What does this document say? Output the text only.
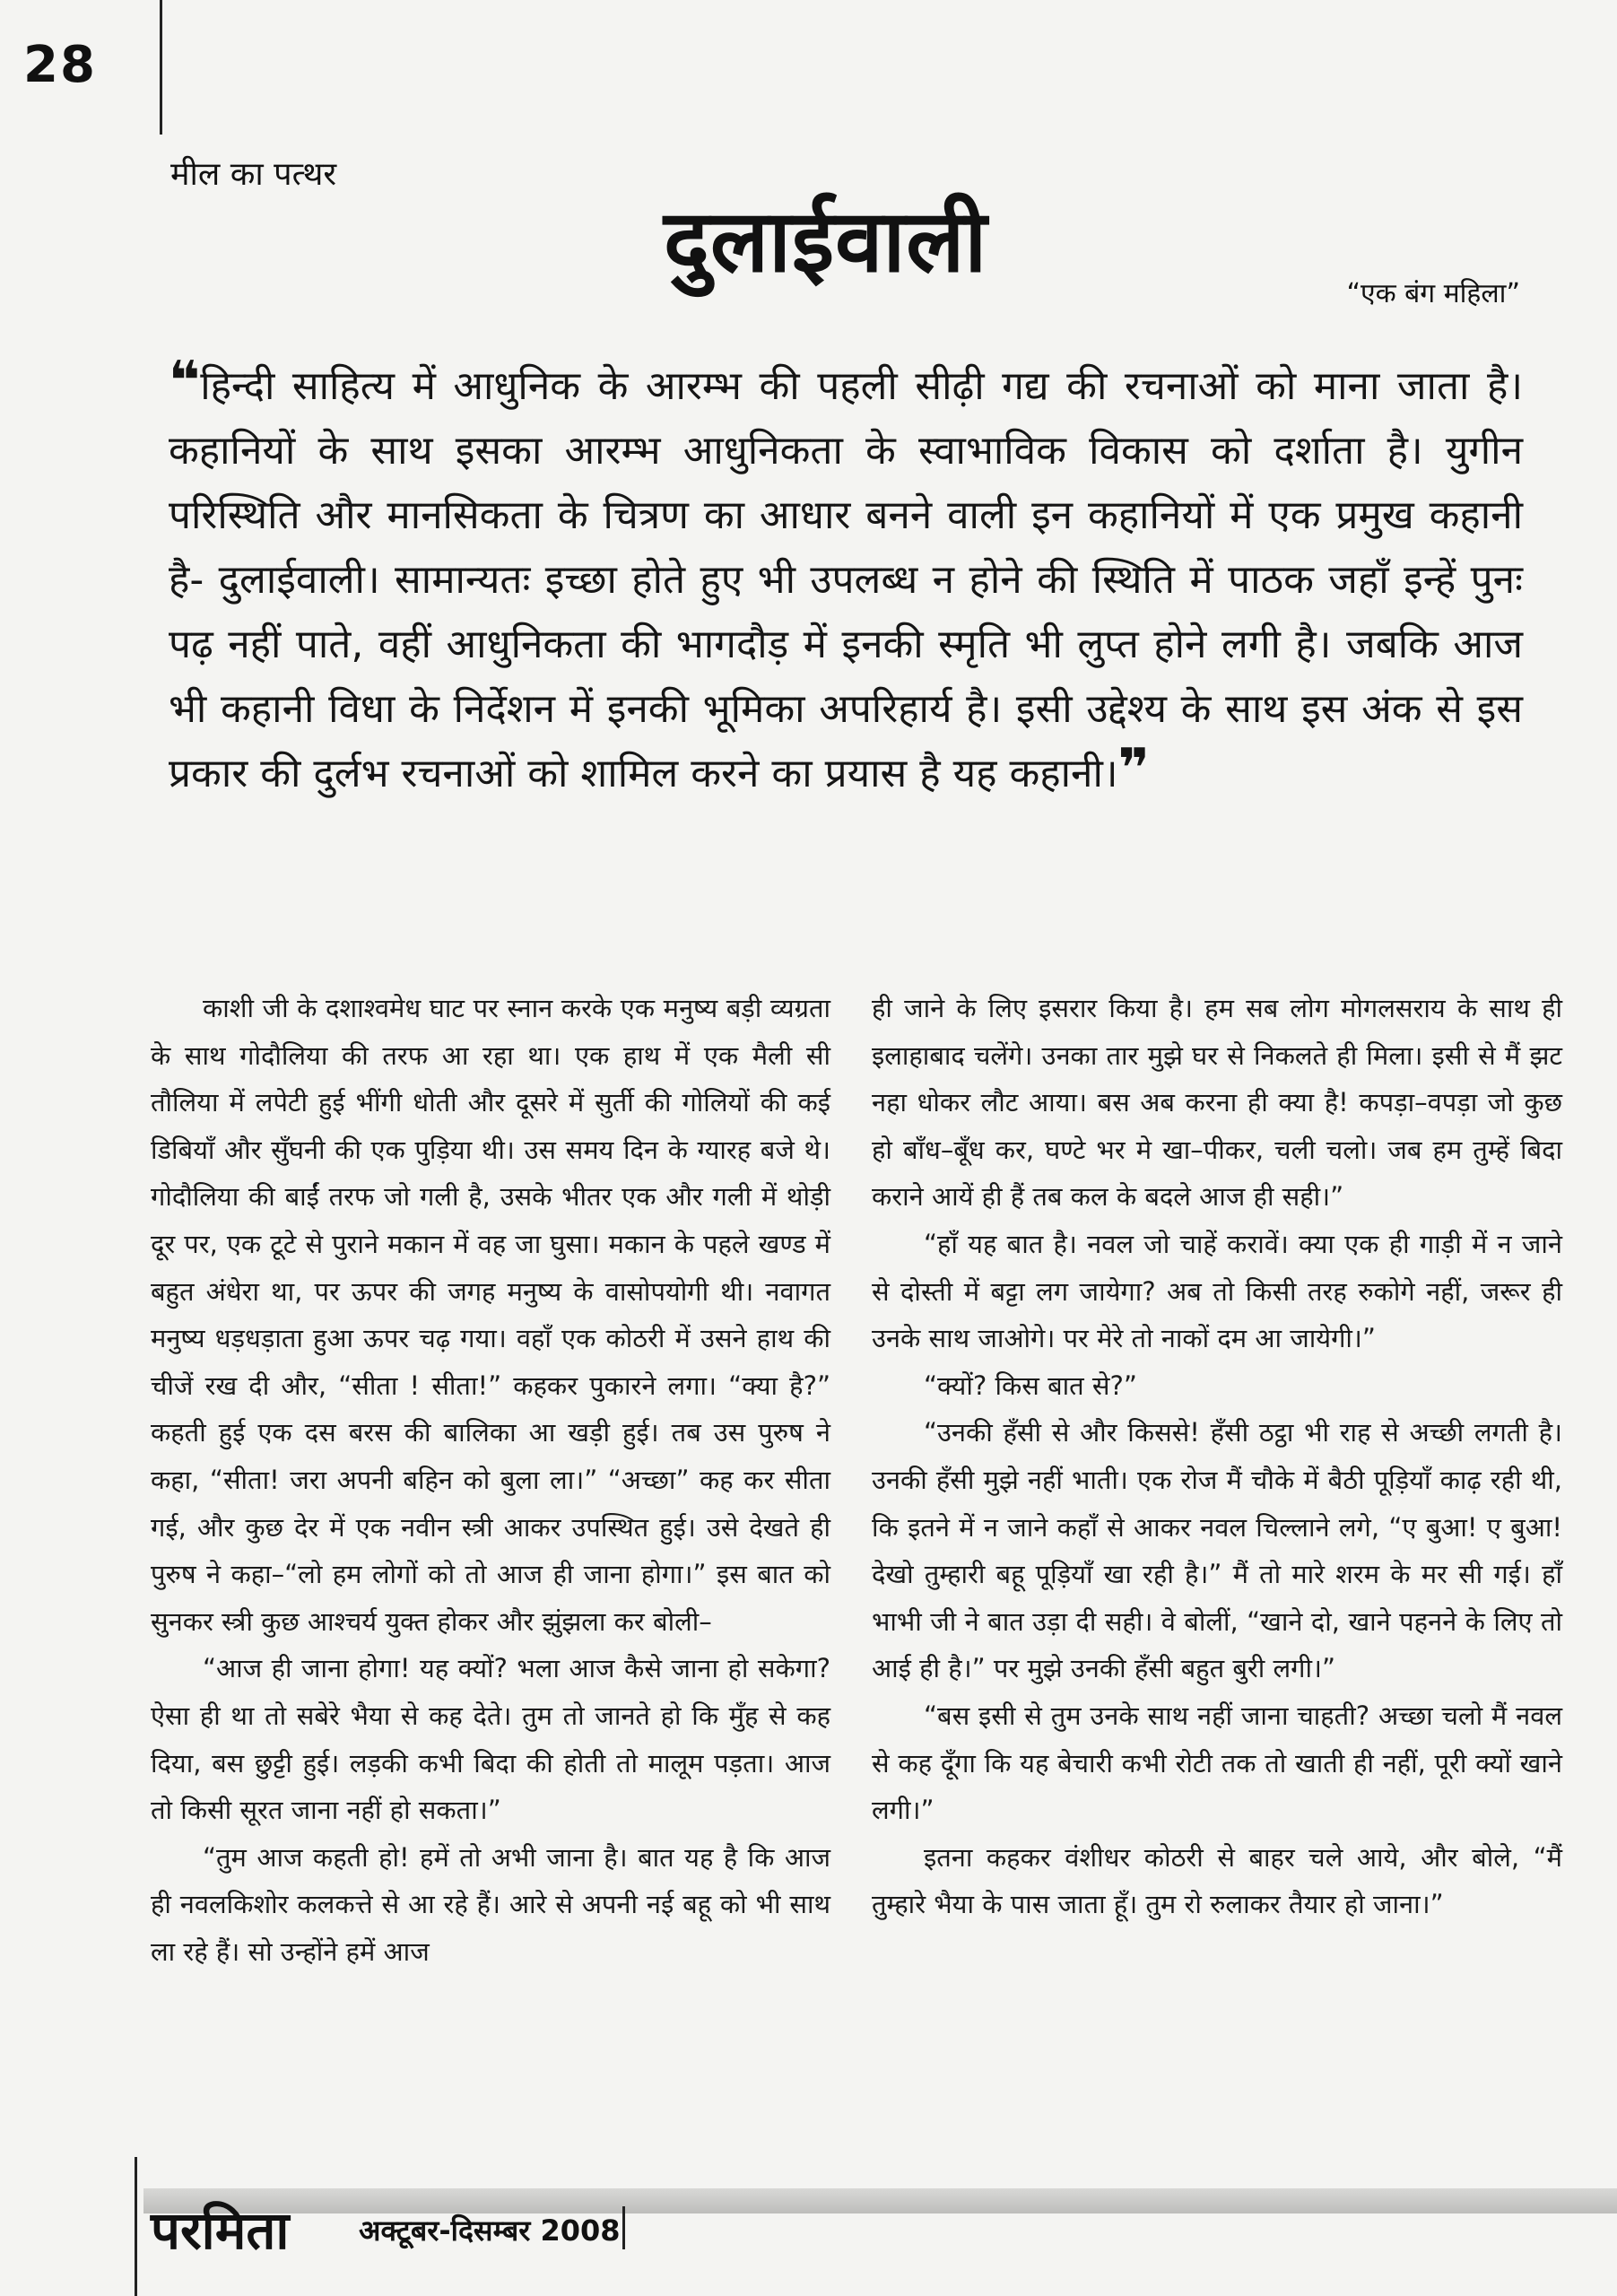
28
मील का पत्थर
दुलाईवाली
“एक बंग महिला”
❝हिन्दी साहित्य में आधुनिक के आरम्भ की पहली सीढ़ी गद्य की रचनाओं को माना जाता है। कहानियों के साथ इसका आरम्भ आधुनिकता के स्वाभाविक विकास को दर्शाता है। युगीन परिस्थिति और मानसिकता के चित्रण का आधार बनने वाली इन कहानियों में एक प्रमुख कहानी है- दुलाईवाली। सामान्यतः इच्छा होते हुए भी उपलब्ध न होने की स्थिति में पाठक जहाँ इन्हें पुनः पढ़ नहीं पाते, वहीं आधुनिकता की भागदौड़ में इनकी स्मृति भी लुप्त होने लगी है। जबकि आज भी कहानी विधा के निर्देशन में इनकी भूमिका अपरिहार्य है। इसी उद्देश्य के साथ इस अंक से इस प्रकार की दुर्लभ रचनाओं को शामिल करने का प्रयास है यह कहानी।❞

काशी जी के दशाश्वमेध घाट पर स्नान करके एक मनुष्य बड़ी व्यग्रता के साथ गोदौलिया की तरफ आ रहा था। एक हाथ में एक मैली सी तौलिया में लपेटी हुई भींगी धोती और दूसरे में सुर्ती की गोलियों की कई डिबियाँ और सुँघनी की एक पुड़िया थी। उस समय दिन के ग्यारह बजे थे। गोदौलिया की बाईं तरफ जो गली है, उसके भीतर एक और गली में थोड़ी दूर पर, एक टूटे से पुराने मकान में वह जा घुसा। मकान के पहले खण्ड में बहुत अंधेरा था, पर ऊपर की जगह मनुष्य के वासोपयोगी थी। नवागत मनुष्य धड़धड़ाता हुआ ऊपर चढ़ गया। वहाँ एक कोठरी में उसने हाथ की चीजें रख दी और, “सीता ! सीता!” कहकर पुकारने लगा। “क्या है?” कहती हुई एक दस बरस की बालिका आ खड़ी हुई। तब उस पुरुष ने कहा, “सीता! जरा अपनी बहिन को बुला ला।” “अच्छा” कह कर सीता गई, और कुछ देर में एक नवीन स्त्री आकर उपस्थित हुई। उसे देखते ही पुरुष ने कहा–“लो हम लोगों को तो आज ही जाना होगा।” इस बात को सुनकर स्त्री कुछ आश्चर्य युक्त होकर और झुंझला कर बोली–

“आज ही जाना होगा! यह क्यों? भला आज कैसे जाना हो सकेगा? ऐसा ही था तो सबेरे भैया से कह देते। तुम तो जानते हो कि मुँह से कह दिया, बस छुट्टी हुई। लड़की कभी बिदा की होती तो मालूम पड़ता। आज तो किसी सूरत जाना नहीं हो सकता।”

“तुम आज कहती हो! हमें तो अभी जाना है। बात यह है कि आज ही नवलकिशोर कलकत्ते से आ रहे हैं। आरे से अपनी नई बहू को भी साथ ला रहे हैं। सो उन्होंने हमें आज

ही जाने के लिए इसरार किया है। हम सब लोग मोगलसराय के साथ ही इलाहाबाद चलेंगे। उनका तार मुझे घर से निकलते ही मिला। इसी से मैं झट नहा धोकर लौट आया। बस अब करना ही क्या है! कपड़ा–वपड़ा जो कुछ हो बाँध–बूँध कर, घण्टे भर मे खा–पीकर, चली चलो। जब हम तुम्हें बिदा कराने आयें ही हैं तब कल के बदले आज ही सही।”

“हाँ यह बात है। नवल जो चाहें करावें। क्या एक ही गाड़ी में न जाने से दोस्ती में बट्टा लग जायेगा? अब तो किसी तरह रुकोगे नहीं, जरूर ही उनके साथ जाओगे। पर मेरे तो नाकों दम आ जायेगी।”

“क्यों? किस बात से?”

“उनकी हँसी से और किससे! हँसी ठट्ठा भी राह से अच्छी लगती है। उनकी हँसी मुझे नहीं भाती। एक रोज मैं चौके में बैठी पूड़ियाँ काढ़ रही थी, कि इतने में न जाने कहाँ से आकर नवल चिल्लाने लगे, “ए बुआ! ए बुआ! देखो तुम्हारी बहू पूड़ियाँ खा रही है।” मैं तो मारे शरम के मर सी गई। हाँ भाभी जी ने बात उड़ा दी सही। वे बोलीं, “खाने दो, खाने पहनने के लिए तो आई ही है।” पर मुझे उनकी हँसी बहुत बुरी लगी।”

“बस इसी से तुम उनके साथ नहीं जाना चाहती? अच्छा चलो मैं नवल से कह दूँगा कि यह बेचारी कभी रोटी तक तो खाती ही नहीं, पूरी क्यों खाने लगी।”

इतना कहकर वंशीधर कोठरी से बाहर चले आये, और बोले, “मैं तुम्हारे भैया के पास जाता हूँ। तुम रो रुलाकर तैयार हो जाना।”

परमिता अक्टूबर-दिसम्बर 2008
